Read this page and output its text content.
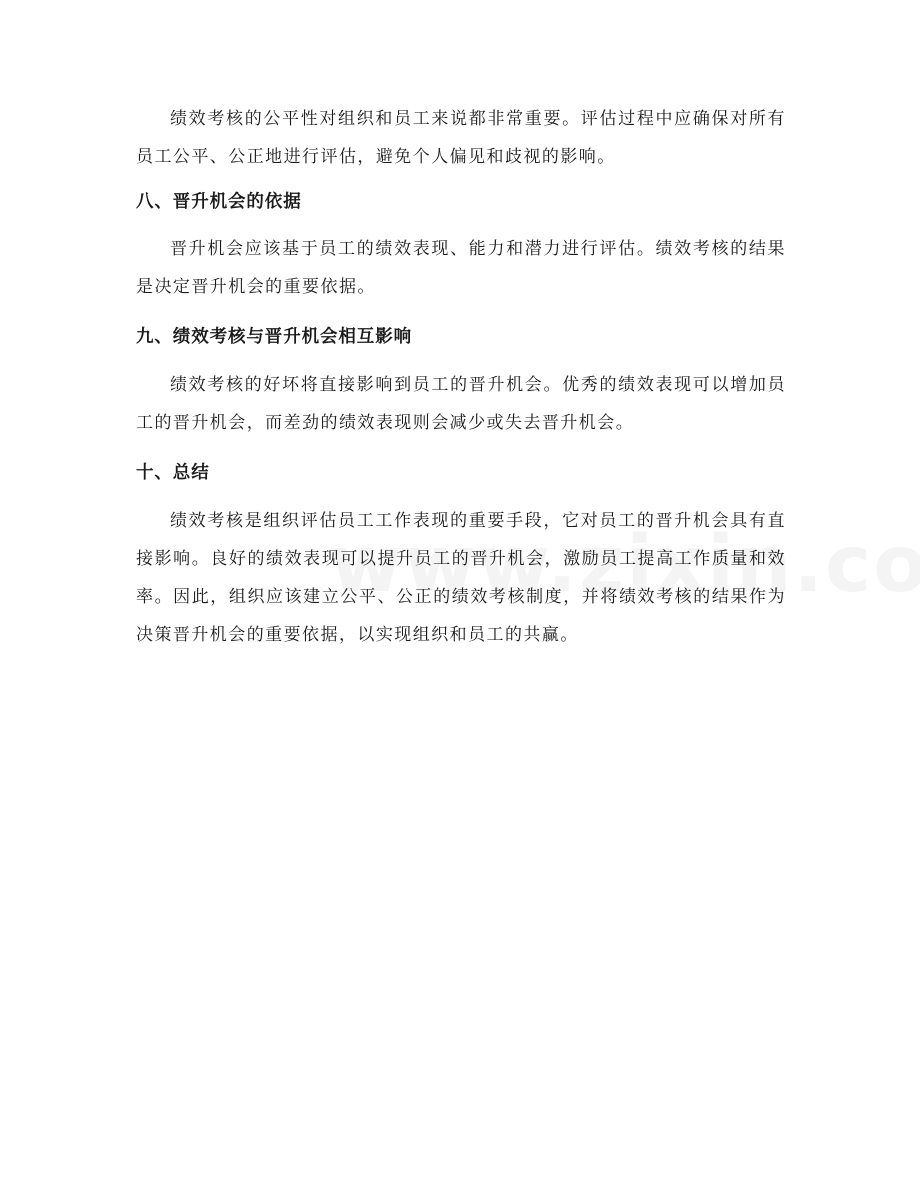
绩效考核的公平性对组织和员工来说都非常重要。评估过程中应确保对所有员工公平、公正地进行评估，避免个人偏见和歧视的影响。

八、晋升机会的依据

晋升机会应该基于员工的绩效表现、能力和潜力进行评估。绩效考核的结果是决定晋升机会的重要依据。

九、绩效考核与晋升机会相互影响

绩效考核的好坏将直接影响到员工的晋升机会。优秀的绩效表现可以增加员工的晋升机会，而差劲的绩效表现则会减少或失去晋升机会。

十、总结

绩效考核是组织评估员工工作表现的重要手段，它对员工的晋升机会具有直接影响。良好的绩效表现可以提升员工的晋升机会，激励员工提高工作质量和效率。因此，组织应该建立公平、公正的绩效考核制度，并将绩效考核的结果作为决策晋升机会的重要依据，以实现组织和员工的共赢。
